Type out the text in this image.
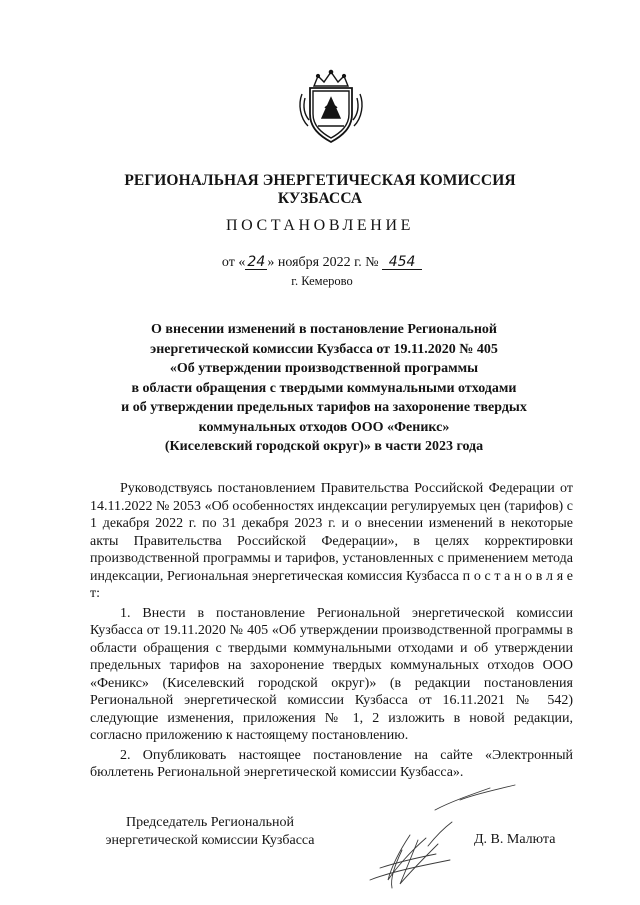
РЕГИОНАЛЬНАЯ ЭНЕРГЕТИЧЕСКАЯ КОМИССИЯ
КУЗБАССА
ПОСТАНОВЛЕНИЕ
от « 24 » ноября 2022 г. № 454
г. Кемерово
О внесении изменений в постановление Региональной
энергетической комиссии Кузбасса от 19.11.2020 № 405
«Об утверждении производственной программы
в области обращения с твердыми коммунальными отходами
и об утверждении предельных тарифов на захоронение твердых
коммунальных отходов ООО «Феникс»
(Киселевский городской округ)» в части 2023 года

Руководствуясь постановлением Правительства Российской Федерации от 14.11.2022 № 2053 «Об особенностях индексации регулируемых цен (тарифов) с 1 декабря 2022 г. по 31 декабря 2023 г. и о внесении изменений в некоторые акты Правительства Российской Федерации», в целях корректировки производственной программы и тарифов, установленных с применением метода индексации, Региональная энергетическая комиссия Кузбасса п о с т а н о в л я е т:

1. Внести в постановление Региональной энергетической комиссии Кузбасса от 19.11.2020 № 405 «Об утверждении производственной программы в области обращения с твердыми коммунальными отходами и об утверждении предельных тарифов на захоронение твердых коммунальных отходов ООО «Феникс» (Киселевский городской округ)» (в редакции постановления Региональной энергетической комиссии Кузбасса от 16.11.2021 № 542) следующие изменения, приложения № 1, 2 изложить в новой редакции, согласно приложению к настоящему постановлению.

2. Опубликовать настоящее постановление на сайте «Электронный бюллетень Региональной энергетической комиссии Кузбасса».

Председатель Региональной
энергетической комиссии Кузбасса	Д. В. Малюта
